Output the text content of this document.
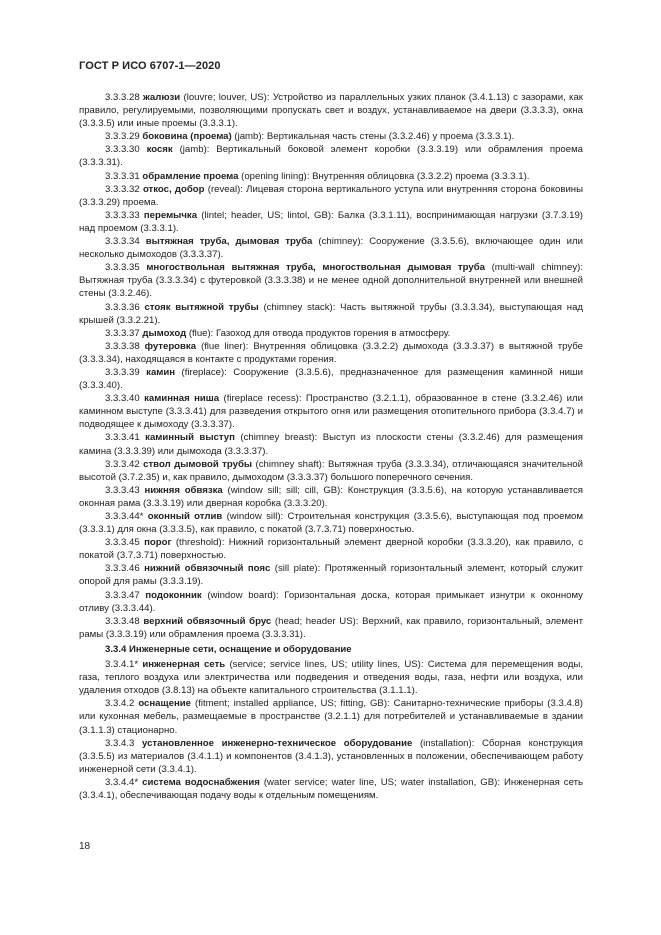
ГОСТ Р ИСО 6707-1—2020

3.3.3.28 жалюзи (louvre; louver, US): Устройство из параллельных узких планок (3.4.1.13) с зазорами, как правило, регулируемыми, позволяющими пропускать свет и воздух, устанавливаемое на двери (3.3.3.3), окна (3.3.3.5) или иные проемы (3.3.3.1).

3.3.3.29 боковина (проема) (jamb): Вертикальная часть стены (3.3.2.46) у проема (3.3.3.1).

3.3.3.30 косяк (jamb): Вертикальный боковой элемент коробки (3.3.3.19) или обрамления проема (3.3.3.31).

3.3.3.31 обрамление проема (opening lining): Внутренняя облицовка (3.3.2.2) проема (3.3.3.1).

3.3.3.32 откос, добор (reveal): Лицевая сторона вертикального уступа или внутренняя сторона боковины (3.3.3.29) проема.

3.3.3.33 перемычка (lintel; header, US; lintol, GB): Балка (3.3.1.11), воспринимающая нагрузки (3.7.3.19) над проемом (3.3.3.1).

3.3.3.34 вытяжная труба, дымовая труба (chimney): Сооружение (3.3.5.6), включающее один или несколько дымоходов (3.3.3.37).

3.3.3.35 многоствольная вытяжная труба, многоствольная дымовая труба (multi-wall chimney): Вытяжная труба (3.3.3.34) с футеровкой (3.3.3.38) и не менее одной дополнительной внутренней или внешней стены (3.3.2.46).

3.3.3.36 стояк вытяжной трубы (chimney stack): Часть вытяжной трубы (3.3.3.34), выступающая над крышей (3.3.2.21).

3.3.3.37 дымоход (flue): Газоход для отвода продуктов горения в атмосферу.

3.3.3.38 футеровка (flue liner): Внутренняя облицовка (3.3.2.2) дымохода (3.3.3.37) в вытяжной трубе (3.3.3.34), находящаяся в контакте с продуктами горения.

3.3.3.39 камин (fireplace): Сооружение (3.3.5.6), предназначенное для размещения каминной ниши (3.3.3.40).

3.3.3.40 каминная ниша (fireplace recess): Пространство (3.2.1.1), образованное в стене (3.3.2.46) или каминном выступе (3.3.3.41) для разведения открытого огня или размещения отопительного прибора (3.3.4.7) и подводящее к дымоходу (3.3.3.37).

3.3.3.41 каминный выступ (chimney breast): Выступ из плоскости стены (3.3.2.46) для размещения камина (3.3.3.39) или дымохода (3.3.3.37).

3.3.3.42 ствол дымовой трубы (chimney shaft): Вытяжная труба (3.3.3.34), отличающаяся значительной высотой (3.7.2.35) и, как правило, дымоходом (3.3.3.37) большого поперечного сечения.

3.3.3.43 нижняя обвязка (window sill; sill; cill, GB): Конструкция (3.3.5.6), на которую устанавливается оконная рама (3.3.3.19) или дверная коробка (3.3.3.20).

3.3.3.44* оконный отлив (window sill): Строительная конструкция (3.3.5.6), выступающая под проемом (3.3.3.1) для окна (3.3.3.5), как правило, с покатой (3.7.3.71) поверхностью.

3.3.3.45 порог (threshold): Нижний горизонтальный элемент дверной коробки (3.3.3.20), как правило, с покатой (3.7.3.71) поверхностью.

3.3.3.46 нижний обвязочный пояс (sill plate): Протяженный горизонтальный элемент, который служит опорой для рамы (3.3.3.19).

3.3.3.47 подоконник (window board): Горизонтальная доска, которая примыкает изнутри к оконному отливу (3.3.3.44).

3.3.3.48 верхний обвязочный брус (head; header US): Верхний, как правило, горизонтальный, элемент рамы (3.3.3.19) или обрамления проема (3.3.3.31).

3.3.4 Инженерные сети, оснащение и оборудование

3.3.4.1* инженерная сеть (service; service lines, US; utility lines, US): Система для перемещения воды, газа, теплого воздуха или электричества или подведения и отведения воды, газа, нефти или воздуха, или удаления отходов (3.8.13) на объекте капитального строительства (3.1.1.1).

3.3.4.2 оснащение (fitment; installed appliance, US; fitting, GB): Санитарно-технические приборы (3.3.4.8) или кухонная мебель, размещаемые в пространстве (3.2.1.1) для потребителей и устанавливаемые в здании (3.1.1.3) стационарно.

3.3.4.3 установленное инженерно-техническое оборудование (installation): Сборная конструкция (3.3.5.5) из материалов (3.4.1.1) и компонентов (3.4.1.3), установленных в положении, обеспечивающем работу инженерной сети (3.3.4.1).

3.3.4.4* система водоснабжения (water service; water line, US; water installation, GB): Инженерная сеть (3.3.4.1), обеспечивающая подачу воды к отдельным помещениям.

18
